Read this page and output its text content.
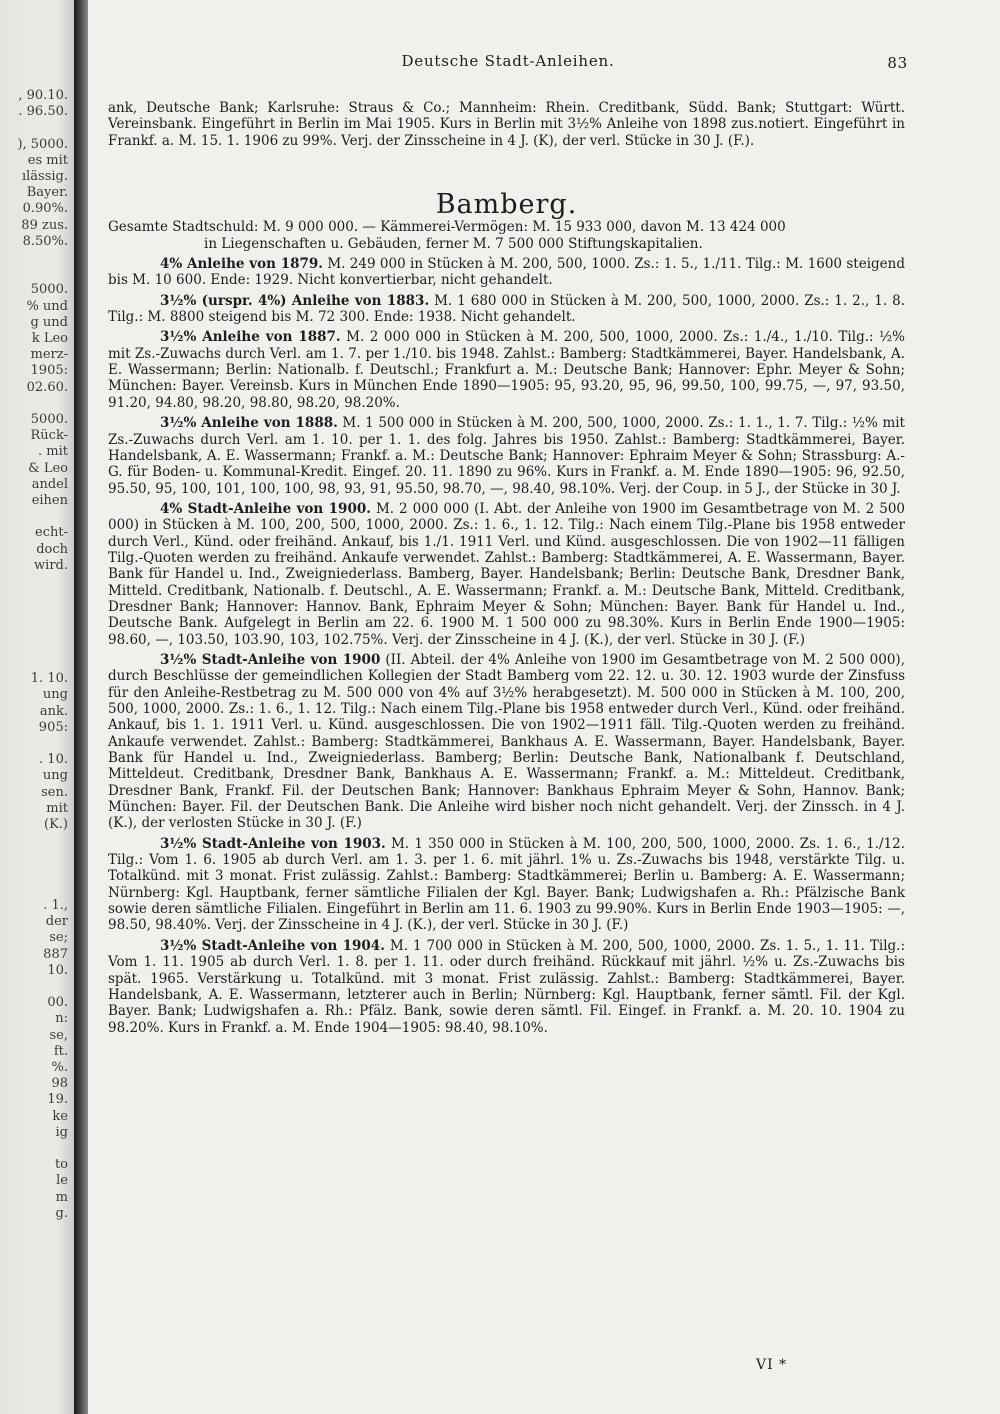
, 90.10.
. 96.50.
), 5000.
es mit
ılässig.
Bayer.
0.90%.
89 zus.
8.50%.
5000.
% und
g und
k Leo
merz-
1905:
02.60.
5000.
Rück-
. mit
& Leo
andel
eihen
echt-
doch
wird.
1. 10.
ung
ank.
905:
. 10.
ung
sen.
mit
(K.)
. 1.,
der
se;
887
10.
00.
n:
se,
ft.
%.
98
19.
ke
ig
to
le
m
g.
Deutsche Stadt-Anleihen.	83

ank, Deutsche Bank; Karlsruhe: Straus & Co.; Mannheim: Rhein. Creditbank, Südd. Bank; Stuttgart: Württ. Vereinsbank. Eingeführt in Berlin im Mai 1905. Kurs in Berlin mit 3½% Anleihe von 1898 zus.notiert. Eingeführt in Frankf. a. M. 15. 1. 1906 zu 99%. Verj. der Zinsscheine in 4 J. (K), der verl. Stücke in 30 J. (F.).

Bamberg.

Gesamte Stadtschuld: M. 9 000 000. — Kämmerei-Vermögen: M. 15 933 000, davon M. 13 424 000

in Liegenschaften u. Gebäuden, ferner M. 7 500 000 Stiftungskapitalien.

4% Anleihe von 1879. M. 249 000 in Stücken à M. 200, 500, 1000. Zs.: 1. 5., 1./11. Tilg.: M. 1600 steigend bis M. 10 600. Ende: 1929. Nicht konvertierbar, nicht gehandelt.

3½% (urspr. 4%) Anleihe von 1883. M. 1 680 000 in Stücken à M. 200, 500, 1000, 2000. Zs.: 1. 2., 1. 8. Tilg.: M. 8800 steigend bis M. 72 300. Ende: 1938. Nicht gehandelt.

3½% Anleihe von 1887. M. 2 000 000 in Stücken à M. 200, 500, 1000, 2000. Zs.: 1./4., 1./10. Tilg.: ½% mit Zs.-Zuwachs durch Verl. am 1. 7. per 1./10. bis 1948. Zahlst.: Bamberg: Stadtkämmerei, Bayer. Handelsbank, A. E. Wassermann; Berlin: Nationalb. f. Deutschl.; Frankfurt a. M.: Deutsche Bank; Hannover: Ephr. Meyer & Sohn; München: Bayer. Vereinsb. Kurs in München Ende 1890—1905: 95, 93.20, 95, 96, 99.50, 100, 99.75, —, 97, 93.50, 91.20, 94.80, 98.20, 98.80, 98.20, 98.20%.

3½% Anleihe von 1888. M. 1 500 000 in Stücken à M. 200, 500, 1000, 2000. Zs.: 1. 1., 1. 7. Tilg.: ½% mit Zs.-Zuwachs durch Verl. am 1. 10. per 1. 1. des folg. Jahres bis 1950. Zahlst.: Bamberg: Stadtkämmerei, Bayer. Handelsbank, A. E. Wassermann; Frankf. a. M.: Deutsche Bank; Hannover: Ephraim Meyer & Sohn; Strassburg: A.-G. für Boden- u. Kommunal-Kredit. Eingef. 20. 11. 1890 zu 96%. Kurs in Frankf. a. M. Ende 1890—1905: 96, 92.50, 95.50, 95, 100, 101, 100, 100, 98, 93, 91, 95.50, 98.70, —, 98.40, 98.10%. Verj. der Coup. in 5 J., der Stücke in 30 J.

4% Stadt-Anleihe von 1900. M. 2 000 000 (I. Abt. der Anleihe von 1900 im Gesamtbetrage von M. 2 500 000) in Stücken à M. 100, 200, 500, 1000, 2000. Zs.: 1. 6., 1. 12. Tilg.: Nach einem Tilg.-Plane bis 1958 entweder durch Verl., Künd. oder freihänd. Ankauf, bis 1./1. 1911 Verl. und Künd. ausgeschlossen. Die von 1902—11 fälligen Tilg.-Quoten werden zu freihänd. Ankaufe verwendet. Zahlst.: Bamberg: Stadtkämmerei, A. E. Wassermann, Bayer. Bank für Handel u. Ind., Zweigniederlass. Bamberg, Bayer. Handelsbank; Berlin: Deutsche Bank, Dresdner Bank, Mitteld. Creditbank, Nationalb. f. Deutschl., A. E. Wassermann; Frankf. a. M.: Deutsche Bank, Mitteld. Creditbank, Dresdner Bank; Hannover: Hannov. Bank, Ephraim Meyer & Sohn; München: Bayer. Bank für Handel u. Ind., Deutsche Bank. Aufgelegt in Berlin am 22. 6. 1900 M. 1 500 000 zu 98.30%. Kurs in Berlin Ende 1900—1905: 98.60, —, 103.50, 103.90, 103, 102.75%. Verj. der Zinsscheine in 4 J. (K.), der verl. Stücke in 30 J. (F.)

3½% Stadt-Anleihe von 1900 (II. Abteil. der 4% Anleihe von 1900 im Gesamtbetrage von M. 2 500 000), durch Beschlüsse der gemeindlichen Kollegien der Stadt Bamberg vom 22. 12. u. 30. 12. 1903 wurde der Zinsfuss für den Anleihe-Restbetrag zu M. 500 000 von 4% auf 3½% herabgesetzt). M. 500 000 in Stücken à M. 100, 200, 500, 1000, 2000. Zs.: 1. 6., 1. 12. Tilg.: Nach einem Tilg.-Plane bis 1958 entweder durch Verl., Künd. oder freihänd. Ankauf, bis 1. 1. 1911 Verl. u. Künd. ausgeschlossen. Die von 1902—1911 fäll. Tilg.-Quoten werden zu freihänd. Ankaufe verwendet. Zahlst.: Bamberg: Stadtkämmerei, Bankhaus A. E. Wassermann, Bayer. Handelsbank, Bayer. Bank für Handel u. Ind., Zweigniederlass. Bamberg; Berlin: Deutsche Bank, Nationalbank f. Deutschland, Mitteldeut. Creditbank, Dresdner Bank, Bankhaus A. E. Wassermann; Frankf. a. M.: Mitteldeut. Creditbank, Dresdner Bank, Frankf. Fil. der Deutschen Bank; Hannover: Bankhaus Ephraim Meyer & Sohn, Hannov. Bank; München: Bayer. Fil. der Deutschen Bank. Die Anleihe wird bisher noch nicht gehandelt. Verj. der Zinssch. in 4 J. (K.), der verlosten Stücke in 30 J. (F.)

3½% Stadt-Anleihe von 1903. M. 1 350 000 in Stücken à M. 100, 200, 500, 1000, 2000. Zs. 1. 6., 1./12. Tilg.: Vom 1. 6. 1905 ab durch Verl. am 1. 3. per 1. 6. mit jährl. 1% u. Zs.-Zuwachs bis 1948, verstärkte Tilg. u. Totalkünd. mit 3 monat. Frist zulässig. Zahlst.: Bamberg: Stadtkämmerei; Berlin u. Bamberg: A. E. Wassermann; Nürnberg: Kgl. Hauptbank, ferner sämtliche Filialen der Kgl. Bayer. Bank; Ludwigshafen a. Rh.: Pfälzische Bank sowie deren sämtliche Filialen. Eingeführt in Berlin am 11. 6. 1903 zu 99.90%. Kurs in Berlin Ende 1903—1905: —, 98.50, 98.40%. Verj. der Zinsscheine in 4 J. (K.), der verl. Stücke in 30 J. (F.)

3½% Stadt-Anleihe von 1904. M. 1 700 000 in Stücken à M. 200, 500, 1000, 2000. Zs. 1. 5., 1. 11. Tilg.: Vom 1. 11. 1905 ab durch Verl. 1. 8. per 1. 11. oder durch freihänd. Rückkauf mit jährl. ½% u. Zs.-Zuwachs bis spät. 1965. Verstärkung u. Totalkünd. mit 3 monat. Frist zulässig. Zahlst.: Bamberg: Stadtkämmerei, Bayer. Handelsbank, A. E. Wassermann, letzterer auch in Berlin; Nürnberg: Kgl. Hauptbank, ferner sämtl. Fil. der Kgl. Bayer. Bank; Ludwigshafen a. Rh.: Pfälz. Bank, sowie deren sämtl. Fil. Eingef. in Frankf. a. M. 20. 10. 1904 zu 98.20%. Kurs in Frankf. a. M. Ende 1904—1905: 98.40, 98.10%.

VI *
